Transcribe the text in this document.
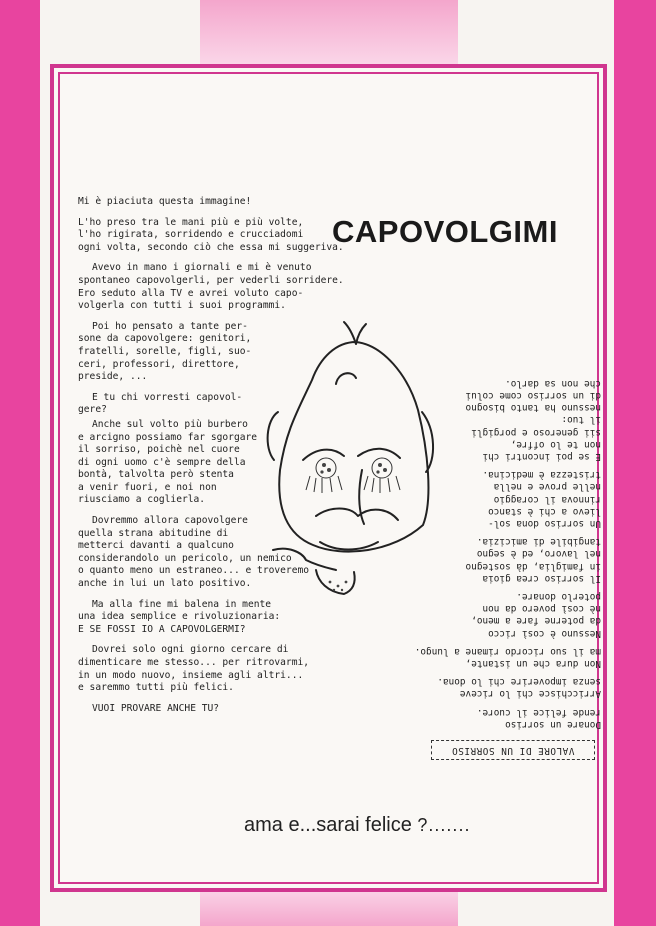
Mi è piaciuta questa immagine!

L'ho preso tra le mani più e più volte,
l'ho rigirata, sorridendo e crucciadomi
ogni volta, secondo ciò che essa mi suggeriva.

Avevo in mano i giornali e mi è venuto
spontaneo capovolgerli, per vederli sorridere.
Ero seduto alla TV e avrei voluto capo-
volgerla con tutti i suoi programmi.

Poi ho pensato a tante per-
sone da capovolgere: genitori,
fratelli, sorelle, figli, suo-
ceri, professori, direttore,
preside, ...

E tu chi vorresti capovol-
gere?

Anche sul volto più burbero
e arcigno possiamo far sgorgare
il sorriso, poichè nel cuore
di ogni uomo c'è sempre della
bontà, talvolta però stenta
a venir fuori, e noi non
riusciamo a coglierla.

Dovremmo allora capovolgere
quella strana abitudine di
metterci davanti a qualcuno
considerandolo un pericolo, un nemico
o quanto meno un estraneo... e troveremo
anche in lui un lato positivo.

Ma alla fine mi balena in mente
una idea semplice e rivoluzionaria:
E SE FOSSI IO A CAPOVOLGERMI?

Dovrei solo ogni giorno cercare di
dimenticare me stesso... per ritrovarmi,
in un modo nuovo, insieme agli altri...
e saremmo tutti più felici.

VUOI PROVARE ANCHE TU?

CAPOVOLGIMI
VALORE DI UN SORRISO

Donare un sorriso
rende felice il cuore.

Arricchisce chi lo riceve
senza impoverire chi lo dona.

Non dura che un istante,
ma il suo ricordo rimane a lungo.

Nessuno è così ricco
da poterne fare a meno,
nè così povero da non
poterlo donare.

Il sorriso crea gioia
in famiglia, dà sostegno
nel lavoro, ed è segno
tangibile di amicizia.

Un sorriso dona sol-
lievo a chi è stanco
rinnova il coraggio
nelle prove e nella
tristezza è medicina.

E se poi incontri chi
non te lo offre,
sii generoso e porgigli
il tuo:
nessuno ha tanto bisogno
di un sorriso come colui
che non sa darlo.

ama e...sarai felice ?.......
